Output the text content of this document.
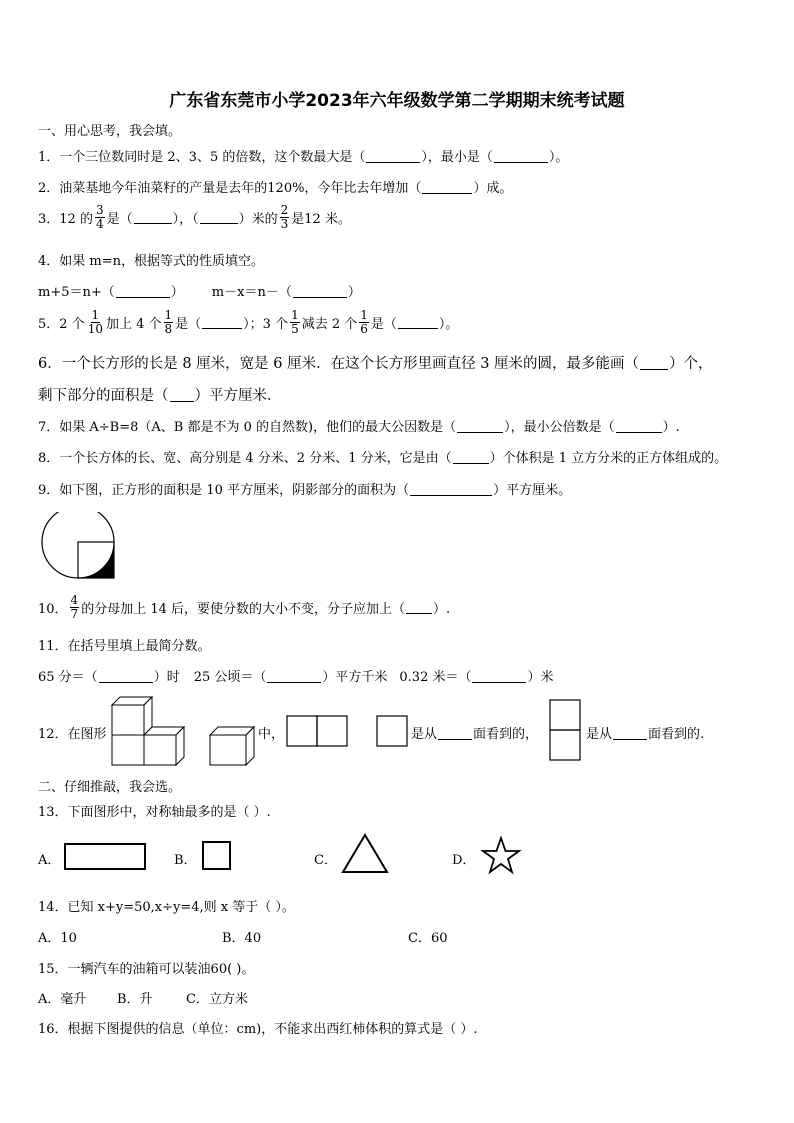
广东省东莞市小学2023年六年级数学第二学期期末统考试题
一、用心思考，我会填。
1．一个三位数同时是 2、3、5 的倍数，这个数最大是（	），最小是（	）。
2．油菜基地今年油菜籽的产量是去年的120%，今年比去年增加（	）成。
3．12 的 $\frac{3}{4}$ 是（	），（	）米的 $\frac{2}{3}$ 是12 米。
4．如果 m=n，根据等式的性质填空。
m+5＝n+（	） m－x＝n－（	）
5．2 个 $\frac{1}{10}$ 加上 4 个 $\frac{1}{8}$ 是（	）；3 个 $\frac{1}{5}$ 减去 2 个 $\frac{1}{6}$ 是（	）。
6．一个长方形的长是 8 厘米，宽是 6 厘米．在这个长方形里画直径 3 厘米的圆，最多能画（ ）个，
剩下部分的面积是（ ）平方厘米．
7．如果 A÷B=8（A、B 都是不为 0 的自然数)，他们的最大公因数是（	），最小公倍数是（	）.
8．一个长方体的长、宽、高分别是 4 分米、2 分米、1 分米，它是由（	）个体积是 1 立方分米的正方体组成的。
9．如下图，正方形的面积是 10 平方厘米，阴影部分的面积为（	）平方厘米。
10． $\frac{4}{7}$ 的分母加上 14 后，要使分数的大小不变，分子应加上（ ）.
11．在括号里填上最简分数。
65 分＝（	）时 25 公顷＝（	）平方千米 0.32 米＝（	）米
12．在图形	中，	是从	面看到的，	是从	面看到的.
二、仔细推敲，我会选。
13．下面图形中，对称轴最多的是（ ）.
A．	B．	C．	D．
14．已知 x+y=50,x÷y=4,则 x 等于（ ）。
A．10	B．40	C．60
15．一辆汽车的油箱可以装油60( )。
A．毫升 B．升	C．立方米
16．根据下图提供的信息（单位：cm)，不能求出西红柿体积的算式是（ ）.
